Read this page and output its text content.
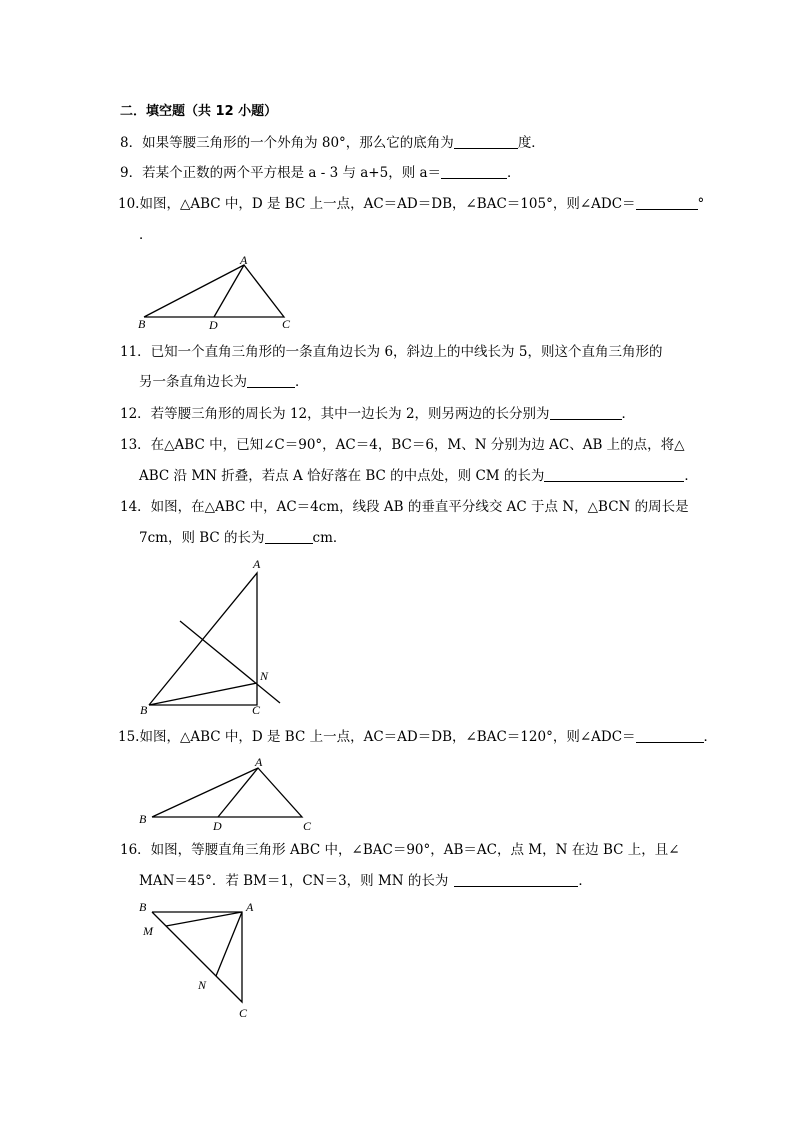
二．填空题（共 12 小题）
8．如果等腰三角形的一个外角为 80°，那么它的底角为	度．
9．若某个正数的两个平方根是 a - 3 与 a+5，则 a＝	．
10.如图，△ABC 中，D 是 BC 上一点，AC＝AD＝DB，∠BAC＝105°，则∠ADC＝	°
．
A
B	D	C
11．已知一个直角三角形的一条直角边长为 6，斜边上的中线长为 5，则这个直角三角形的
另一条直角边长为	．
12．若等腰三角形的周长为 12，其中一边长为 2，则另两边的长分别为	．
13．在△ABC 中，已知∠C＝90°，AC＝4，BC＝6，M、N 分别为边 AC、AB 上的点，将△
ABC 沿 MN 折叠，若点 A 恰好落在 BC 的中点处，则 CM 的长为	．
14．如图，在△ABC 中，AC＝4cm，线段 AB 的垂直平分线交 AC 于点 N，△BCN 的周长是
7cm，则 BC 的长为	cm．
A
B	C
N
15.如图，△ABC 中，D 是 BC 上一点，AC＝AD＝DB，∠BAC＝120°，则∠ADC＝	．
A
B	D	C
16．如图，等腰直角三角形 ABC 中，∠BAC＝90°，AB＝AC，点 M，N 在边 BC 上，且∠
MAN＝45°．若 BM＝1，CN＝3，则 MN 的长为	．
B	A
M
N
C
